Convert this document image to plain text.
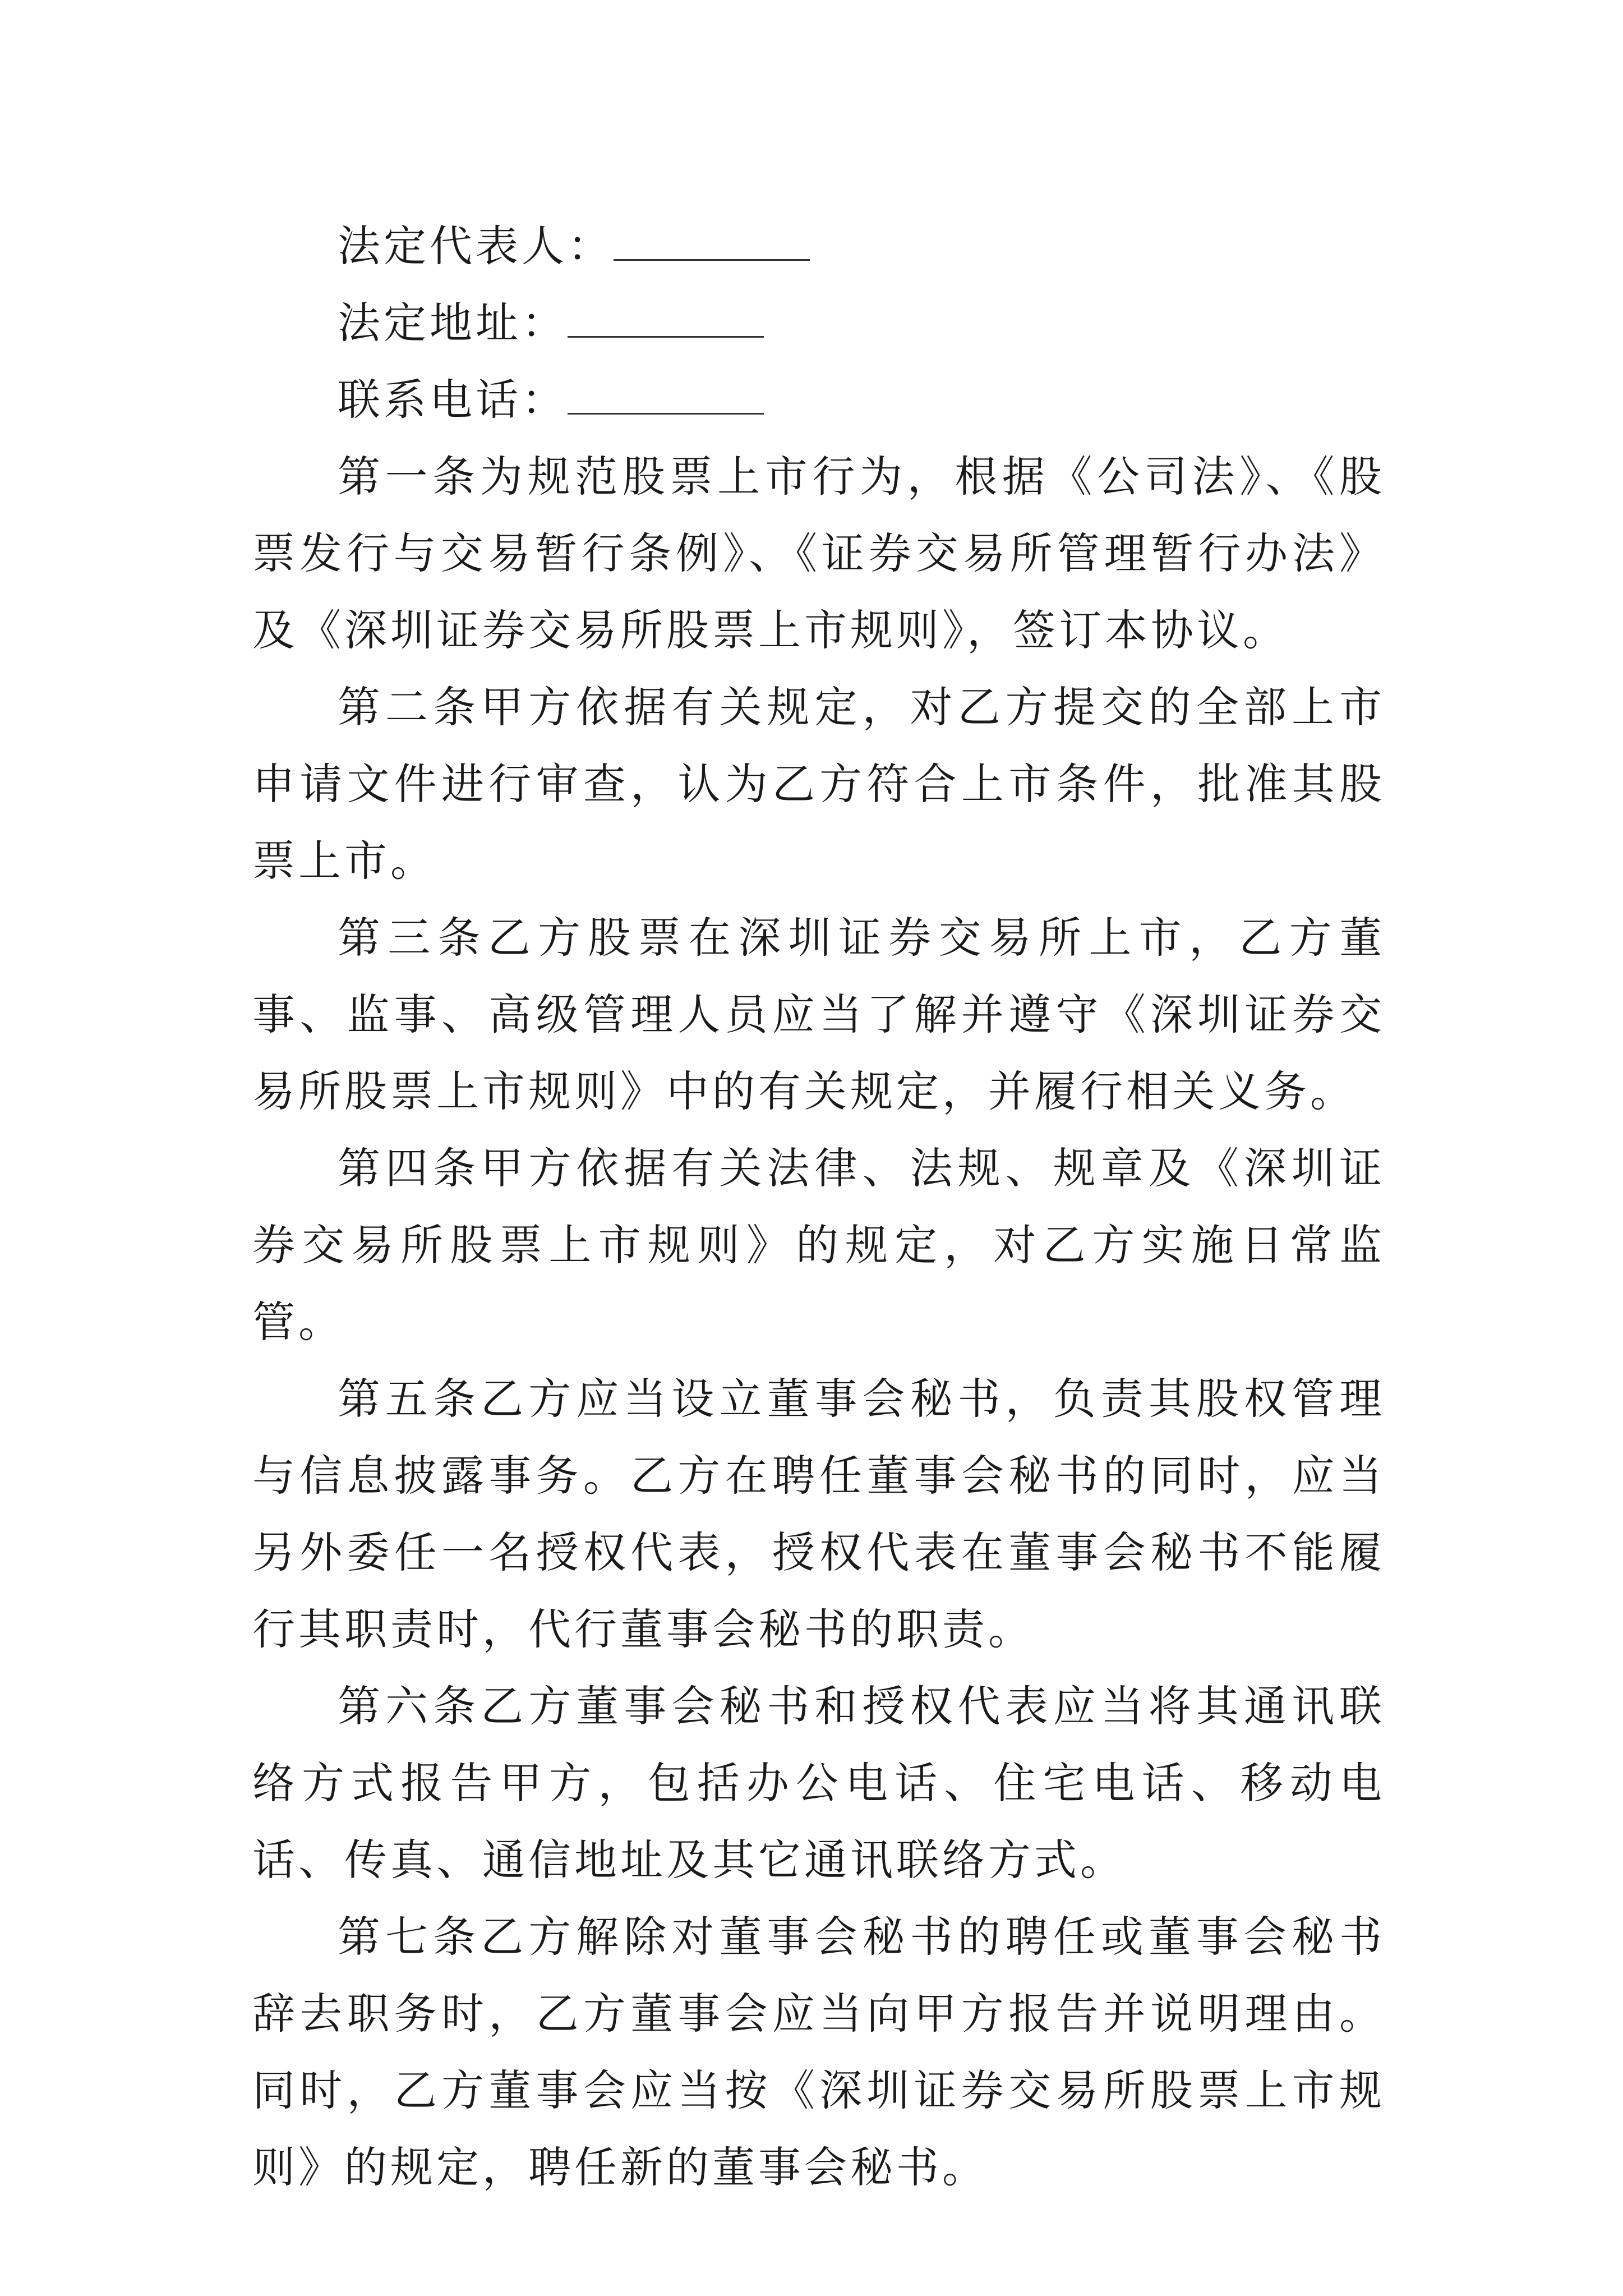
法定代表人：

法定地址：

联系电话：

第一条为规范股票上市行为，根据《公司法》、《股票发行与交易暂行条例》、《证券交易所管理暂行办法》及《深圳证券交易所股票上市规则》，签订本协议。

第二条甲方依据有关规定，对乙方提交的全部上市申请文件进行审查，认为乙方符合上市条件，批准其股票上市。

第三条乙方股票在深圳证券交易所上市，乙方董事、监事、高级管理人员应当了解并遵守《深圳证券交易所股票上市规则》中的有关规定，并履行相关义务。

第四条甲方依据有关法律、法规、规章及《深圳证券交易所股票上市规则》的规定，对乙方实施日常监管。

第五条乙方应当设立董事会秘书，负责其股权管理与信息披露事务。乙方在聘任董事会秘书的同时，应当另外委任一名授权代表，授权代表在董事会秘书不能履行其职责时，代行董事会秘书的职责。

第六条乙方董事会秘书和授权代表应当将其通讯联络方式报告甲方，包括办公电话、住宅电话、移动电话、传真、通信地址及其它通讯联络方式。

第七条乙方解除对董事会秘书的聘任或董事会秘书辞去职务时，乙方董事会应当向甲方报告并说明理由。同时，乙方董事会应当按《深圳证券交易所股票上市规则》的规定，聘任新的董事会秘书。
